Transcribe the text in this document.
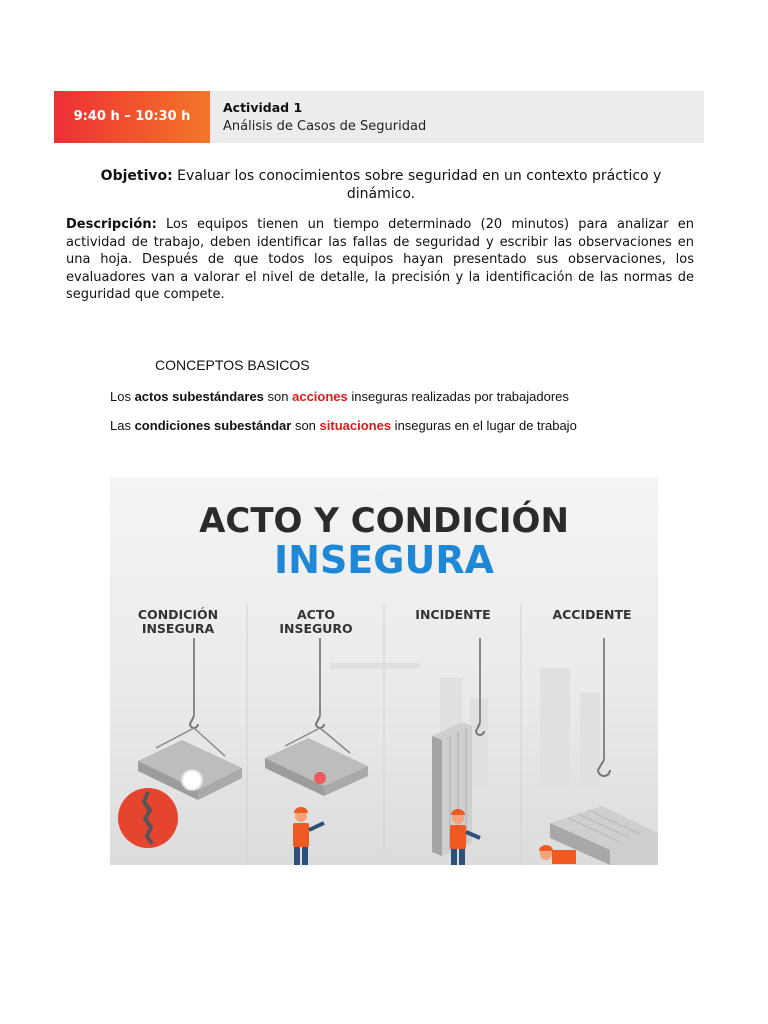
9:40 h – 10:30 h
Actividad 1
Análisis de Casos de Seguridad
Objetivo: Evaluar los conocimientos sobre seguridad en un contexto práctico y dinámico.
Descripción: Los equipos tienen un tiempo determinado (20 minutos) para analizar en actividad de trabajo, deben identificar las fallas de seguridad y escribir las observaciones en una hoja. Después de que todos los equipos hayan presentado sus observaciones, los evaluadores van a valorar el nivel de detalle, la precisión y la identificación de las normas de seguridad que compete.
CONCEPTOS BASICOS
Los actos subestándares son acciones inseguras realizadas por trabajadores
Las condiciones subestándar son situaciones inseguras en el lugar de trabajo
ACTO Y CONDICIÓN
INSEGURA
CONDICIÓN
INSEGURA
ACTO
INSEGURO
INCIDENTE	ACCIDENTE
